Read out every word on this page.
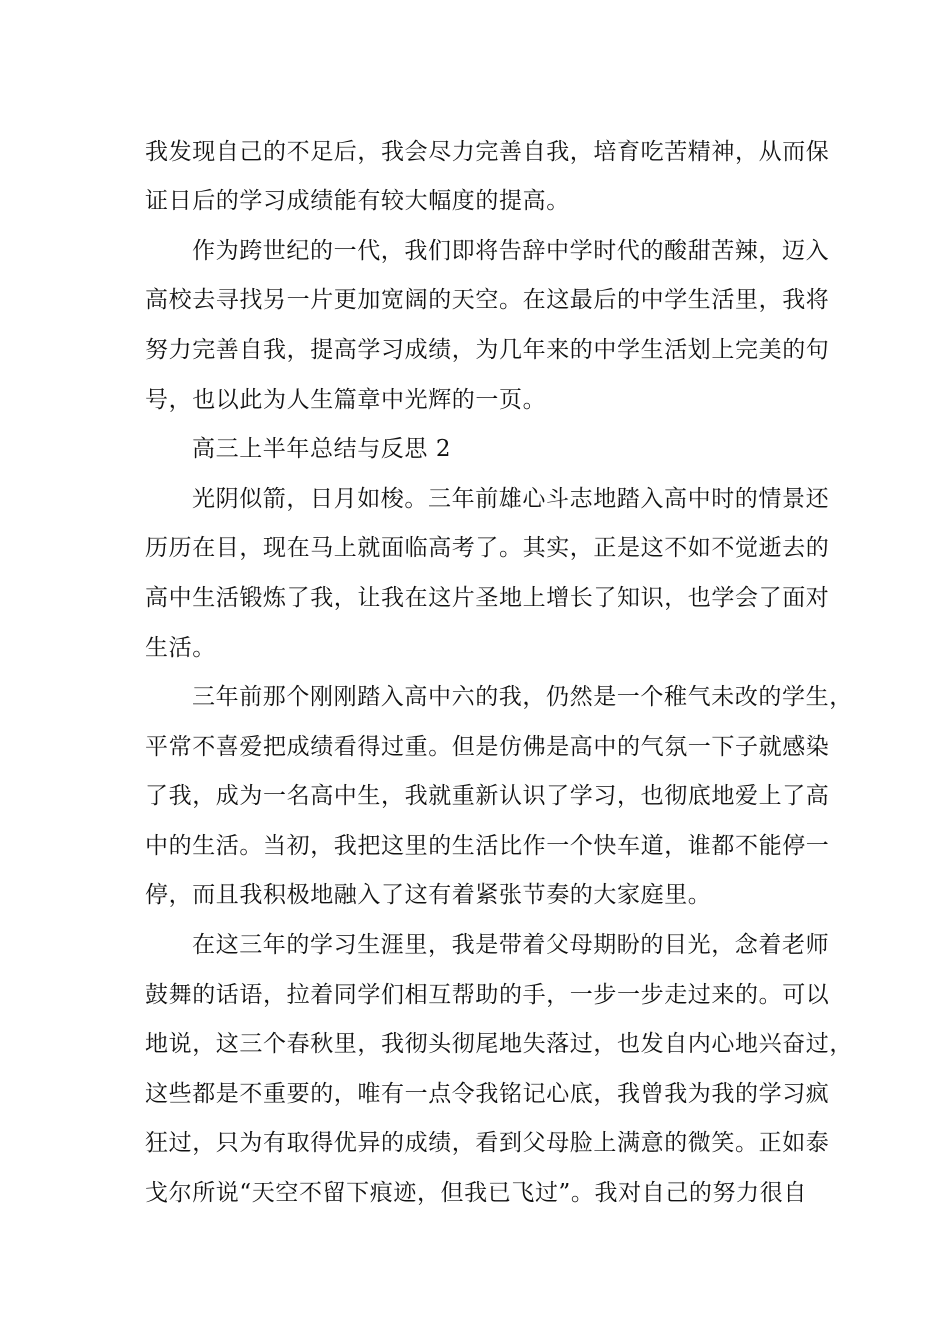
我发现自己的不足后，我会尽力完善自我，培育吃苦精神，从而保
证日后的学习成绩能有较大幅度的提高。
作为跨世纪的一代，我们即将告辞中学时代的酸甜苦辣，迈入
高校去寻找另一片更加宽阔的天空。在这最后的中学生活里，我将
努力完善自我，提高学习成绩，为几年来的中学生活划上完美的句
号，也以此为人生篇章中光辉的一页。
高三上半年总结与反思 2
光阴似箭，日月如梭。三年前雄心斗志地踏入高中时的情景还
历历在目，现在马上就面临高考了。其实，正是这不如不觉逝去的
高中生活锻炼了我，让我在这片圣地上增长了知识，也学会了面对
生活。
三年前那个刚刚踏入高中六的我，仍然是一个稚气未改的学生，
平常不喜爱把成绩看得过重。但是仿佛是高中的气氛一下子就感染
了我，成为一名高中生，我就重新认识了学习，也彻底地爱上了高
中的生活。当初，我把这里的生活比作一个快车道，谁都不能停一
停，而且我积极地融入了这有着紧张节奏的大家庭里。
在这三年的学习生涯里，我是带着父母期盼的目光，念着老师
鼓舞的话语，拉着同学们相互帮助的手，一步一步走过来的。可以
地说，这三个春秋里，我彻头彻尾地失落过，也发自内心地兴奋过，
这些都是不重要的，唯有一点令我铭记心底，我曾我为我的学习疯
狂过，只为有取得优异的成绩，看到父母脸上满意的微笑。正如泰
戈尔所说“天空不留下痕迹，但我已飞过”。我对自己的努力很自
